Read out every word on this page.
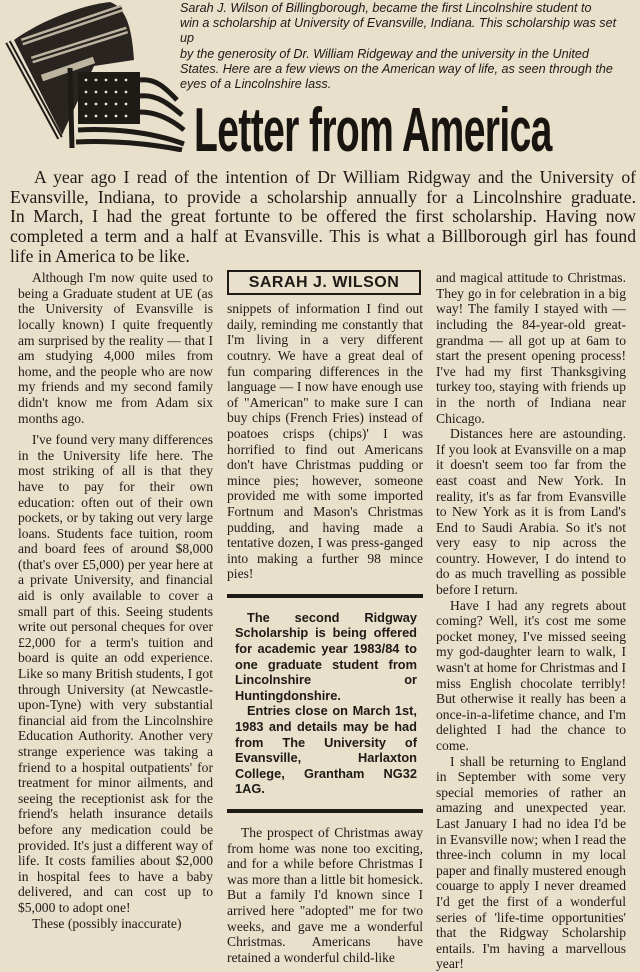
Sarah J. Wilson of Billingborough, became the first Lincolnshire student to
win a scholarship at University of Evansville, Indiana. This scholarship was set up
by the generosity of Dr. William Ridgeway and the university in the United
States. Here are a few views on the American way of life, as seen through the
eyes of a Lincolnshire lass.
Letter from America
A year ago I read of the intention of Dr William Ridgway and the University of
Evansville, Indiana, to provide a scholarship annually for a Lincolnshire graduate.
In March, I had the great fortunte to be offered the first scholarship. Having now
completed a term and a half at Evansville. This is what a Billborough girl has found
life in America to be like.

Although I'm now quite used to being a Graduate student at UE (as the University of Evansville is locally known) I quite frequently am surprised by the reality — that I am studying 4,000 miles from home, and the people who are now my friends and my second family didn't know me from Adam six months ago.

I've found very many differences in the University life here. The most striking of all is that they have to pay for their own education: often out of their own pockets, or by taking out very large loans. Students face tuition, room and board fees of around $8,000 (that's over £5,000) per year here at a private University, and financial aid is only available to cover a small part of this. Seeing students write out personal cheques for over £2,000 for a term's tuition and board is quite an odd experience. Like so many British students, I got through University (at Newcastle-upon-Tyne) with very substantial financial aid from the Lincolnshire Education Authority. Another very strange experience was taking a friend to a hospital outpatients' for treatment for minor ailments, and seeing the receptionist ask for the friend's helath insurance details before any medication could be provided. It's just a different way of life. It costs families about $2,000 in hospital fees to have a baby delivered, and can cost up to $5,000 to adopt one!

These (possibly inaccurate)

SARAH J. WILSON

snippets of information I find out daily, reminding me constantly that I'm living in a very different coutnry. We have a great deal of fun comparing differences in the language — I now have enough use of "American" to make sure I can buy chips (French Fries) instead of poatoes crisps (chips)' I was horrified to find out Americans don't have Christmas pudding or mince pies; however, someone provided me with some imported Fortnum and Mason's Christmas pudding, and having made a tentative dozen, I was press-ganged into making a further 98 mince pies!

The second Ridgway Scholarship is being offered for academic year 1983/84 to one graduate student from Lincolnshire or Huntingdonshire.

Entries close on March 1st, 1983 and details may be had from The University of Evansville, Harlaxton College, Grantham NG32 1AG.

The prospect of Christmas away from home was none too exciting, and for a while before Christmas I was more than a little bit homesick. But a family I'd known since I arrived here "adopted" me for two weeks, and gave me a wonderful Christmas. Americans have retained a wonderful child-like

and magical attitude to Christmas. They go in for celebration in a big way! The family I stayed with — including the 84-year-old great-grandma — all got up at 6am to start the present opening process! I've had my first Thanksgiving turkey too, staying with friends up in the north of Indiana near Chicago.

Distances here are astounding. If you look at Evansville on a map it doesn't seem too far from the east coast and New York. In reality, it's as far from Evansville to New York as it is from Land's End to Saudi Arabia. So it's not very easy to nip across the country. However, I do intend to do as much travelling as possible before I return.

Have I had any regrets about coming? Well, it's cost me some pocket money, I've missed seeing my god-daughter learn to walk, I wasn't at home for Christmas and I miss English chocolate terribly! But otherwise it really has been a once-in-a-lifetime chance, and I'm delighted I had the chance to come.

I shall be returning to England in September with some very special memories of rather an amazing and unexpected year. Last January I had no idea I'd be in Evansville now; when I read the three-inch column in my local paper and finally mustered enough couarge to apply I never dreamed I'd get the first of a wonderful series of 'life-time opportunities' that the Ridgway Scholarship entails. I'm having a marvellous year!
